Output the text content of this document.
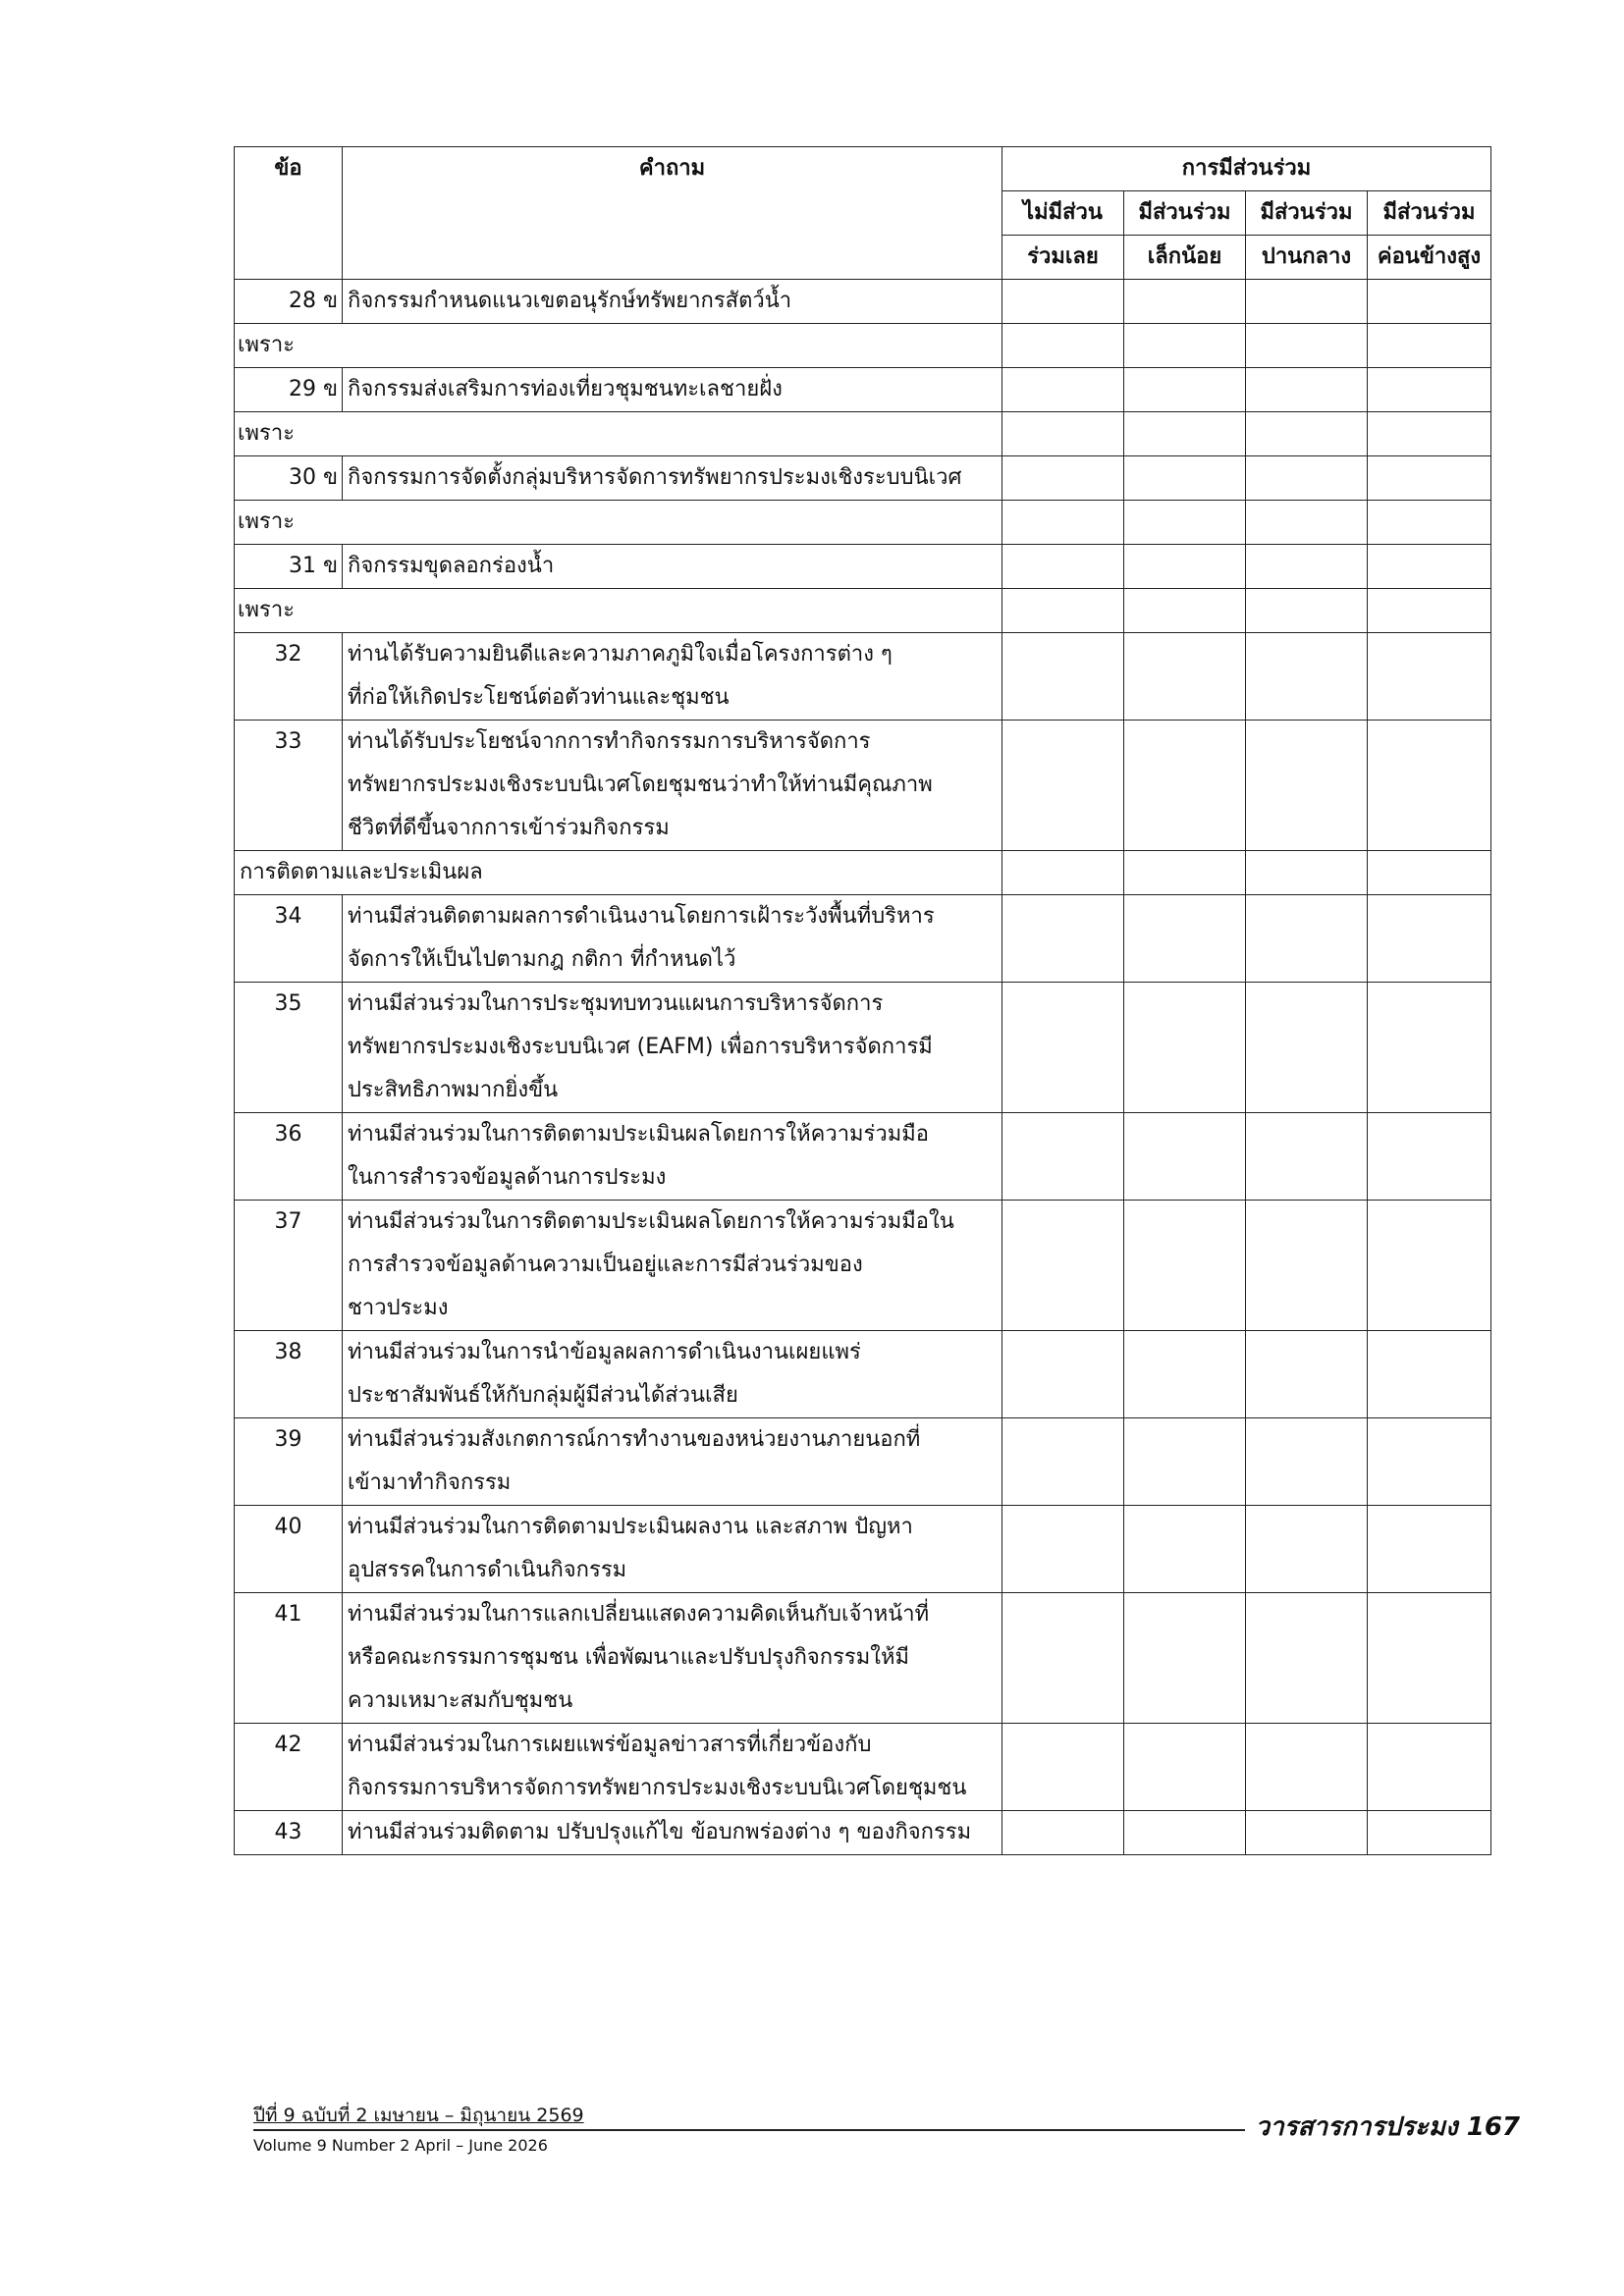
ข้อ	คำถาม	การมีส่วนร่วม			
		ไม่มีส่วน	มีส่วนร่วม	มีส่วนร่วม	มีส่วนร่วม
		ร่วมเลย	เล็กน้อย	ปานกลาง	ค่อนข้างสูง
28 ข	กิจกรรมกำหนดแนวเขตอนุรักษ์ทรัพยากรสัตว์น้ำ				
เพราะ					
29 ข	กิจกรรมส่งเสริมการท่องเที่ยวชุมชนทะเลชายฝั่ง				
เพราะ					
30 ข	กิจกรรมการจัดตั้งกลุ่มบริหารจัดการทรัพยากรประมงเชิงระบบนิเวศ				
เพราะ					
31 ข	กิจกรรมขุดลอกร่องน้ำ				
เพราะ					
32	ท่านได้รับความยินดีและความภาคภูมิใจเมื่อโครงการต่าง ๆ
ที่ก่อให้เกิดประโยชน์ต่อตัวท่านและชุมชน				

33	ท่านได้รับประโยชน์จากการทำกิจกรรมการบริหารจัดการ
ทรัพยากรประมงเชิงระบบนิเวศโดยชุมชนว่าทำให้ท่านมีคุณภาพ
ชีวิตที่ดีขึ้นจากการเข้าร่วมกิจกรรม				

การติดตามและประเมินผล					
34	ท่านมีส่วนติดตามผลการดำเนินงานโดยการเฝ้าระวังพื้นที่บริหาร
จัดการให้เป็นไปตามกฎ กติกา ที่กำหนดไว้				

35	ท่านมีส่วนร่วมในการประชุมทบทวนแผนการบริหารจัดการ
ทรัพยากรประมงเชิงระบบนิเวศ (EAFM) เพื่อการบริหารจัดการมี
ประสิทธิภาพมากยิ่งขึ้น				

36	ท่านมีส่วนร่วมในการติดตามประเมินผลโดยการให้ความร่วมมือ
ในการสำรวจข้อมูลด้านการประมง				

37	ท่านมีส่วนร่วมในการติดตามประเมินผลโดยการให้ความร่วมมือใน
การสำรวจข้อมูลด้านความเป็นอยู่และการมีส่วนร่วมของ
ชาวประมง				

38	ท่านมีส่วนร่วมในการนำข้อมูลผลการดำเนินงานเผยแพร่
ประชาสัมพันธ์ให้กับกลุ่มผู้มีส่วนได้ส่วนเสีย				

39	ท่านมีส่วนร่วมสังเกตการณ์การทำงานของหน่วยงานภายนอกที่
เข้ามาทำกิจกรรม				

40	ท่านมีส่วนร่วมในการติดตามประเมินผลงาน และสภาพ ปัญหา
อุปสรรคในการดำเนินกิจกรรม				

41	ท่านมีส่วนร่วมในการแลกเปลี่ยนแสดงความคิดเห็นกับเจ้าหน้าที่
หรือคณะกรรมการชุมชน เพื่อพัฒนาและปรับปรุงกิจกรรมให้มี
ความเหมาะสมกับชุมชน				

42	ท่านมีส่วนร่วมในการเผยแพร่ข้อมูลข่าวสารที่เกี่ยวข้องกับ
กิจกรรมการบริหารจัดการทรัพยากรประมงเชิงระบบนิเวศโดยชุมชน				

43	ท่านมีส่วนร่วมติดตาม ปรับปรุงแก้ไข ข้อบกพร่องต่าง ๆ ของกิจกรรม				

ปีที่ 9 ฉบับที่ 2 เมษายน – มิถุนายน 2569
Volume 9 Number 2 April – June 2026
วารสารการประมง 167
